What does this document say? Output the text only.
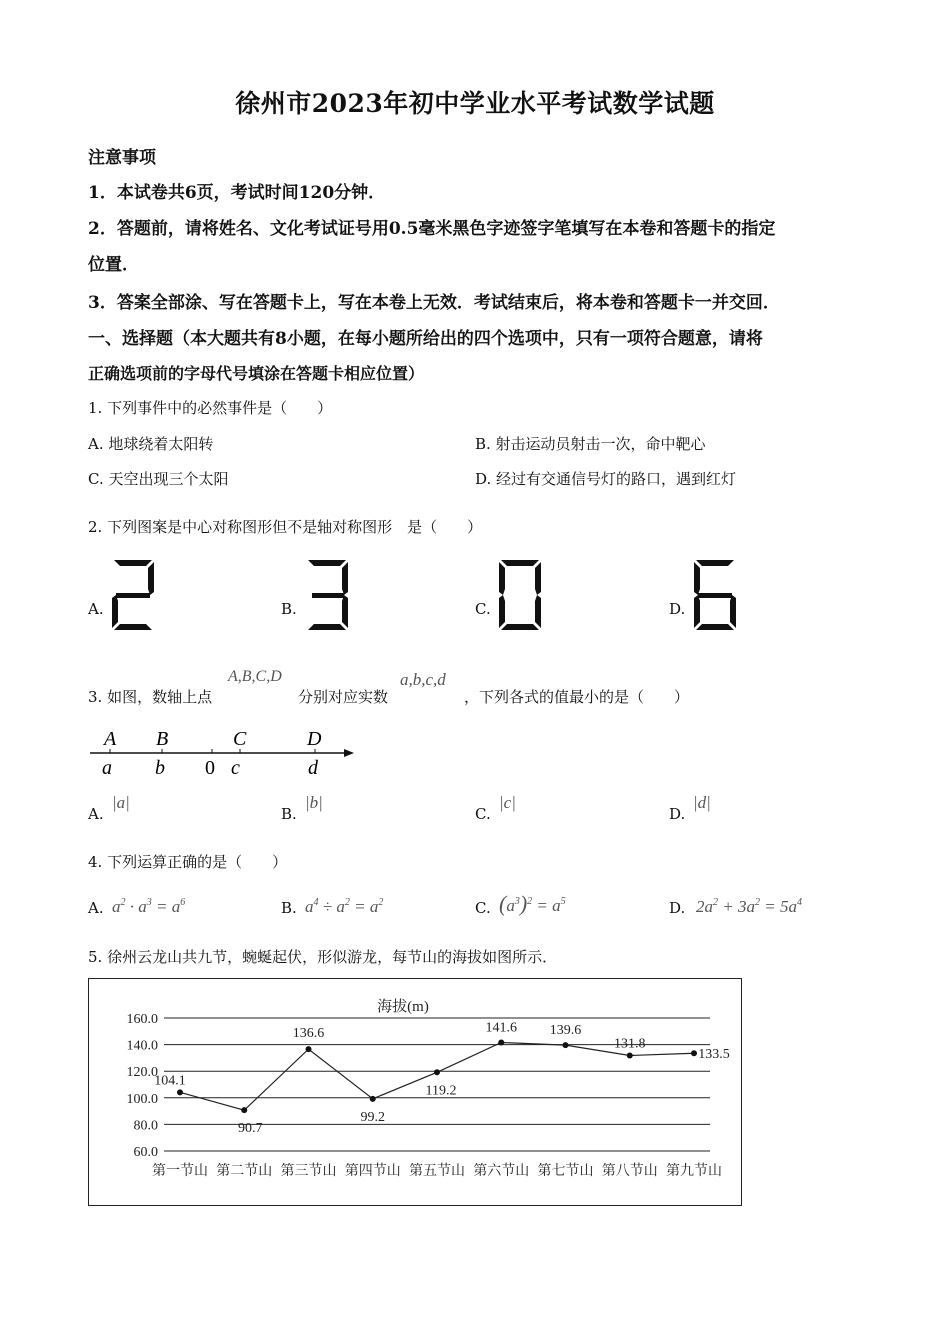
徐州市2023年初中学业水平考试数学试题
注意事项
1．本试卷共6页，考试时间120分钟．
2．答题前，请将姓名、文化考试证号用0.5毫米黑色字迹签字笔填写在本卷和答题卡的指定
位置．
3．答案全部涂、写在答题卡上，写在本卷上无效．考试结束后，将本卷和答题卡一并交回．
一、选择题（本大题共有8小题，在每小题所给出的四个选项中，只有一项符合题意，请将
正确选项前的字母代号填涂在答题卡相应位置）
1. 下列事件中的必然事件是（　　）
A. 地球绕着太阳转	B. 射击运动员射击一次，命中靶心
C. 天空出现三个太阳	D. 经过有交通信号灯的路口，遇到红灯
2. 下列图案是中心对称图形但不是轴对称图形　是（　　）
A.	B.	C.	D.
3. 如图，数轴上点
A,B,C,D
分别对应实数
a,b,c,d
，下列各式的值最小的是（　　）
A B	C	D
a b 0 c	d
A.
|a|
B.
|b|
C.
|c|
D.
|d|
4. 下列运算正确的是（　　）
A. $a^2 \cdot a^3 = a^6$	B. $a^4 \div a^2 = a^2$	C. $(a^3)^2 = a^5$	D. $2a^2 + 3a^2 = 5a^4$
5. 徐州云龙山共九节，蜿蜒起伏，形似游龙，每节山的海拔如图所示．
海拔(m)
160.0
140.0
120.0
100.0
80.0
60.0
第一节山 第二节山 第三节山 第四节山 第五节山 第六节山 第七节山 第八节山 第九节山
104.1
90.7
136.6
99.2
119.2
141.6 139.6
131.8
133.5
